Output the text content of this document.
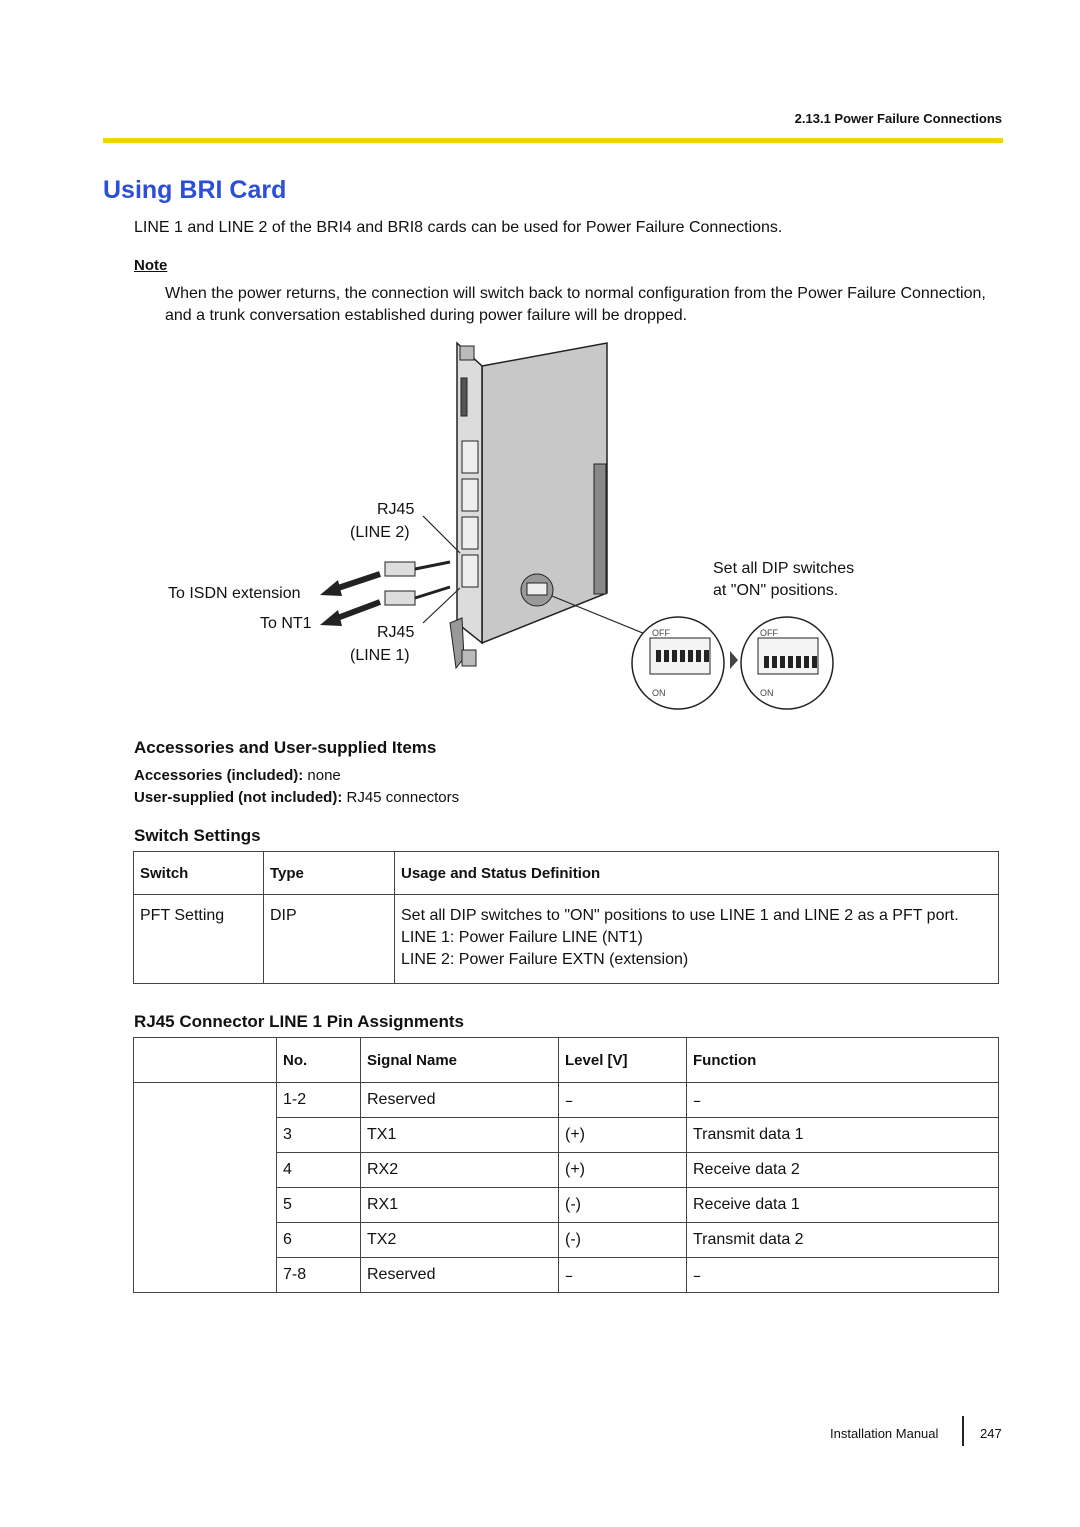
2.13.1 Power Failure Connections
Using BRI Card
LINE 1 and LINE 2 of the BRI4 and BRI8 cards can be used for Power Failure Connections.
Note
When the power returns, the connection will switch back to normal configuration from the Power Failure Connection, and a trunk conversation established during power failure will be dropped.
OFF
ON
OFF
ON
RJ45
(LINE 2)
To ISDN extension
To NT1
RJ45
(LINE 1)
Set all DIP switches
at "ON" positions.
Accessories and User-supplied Items
Accessories (included): none
User-supplied (not included): RJ45 connectors
Switch Settings
Switch	Type	Usage and Status Definition
PFT Setting	DIP	Set all DIP switches to "ON" positions to use LINE 1 and LINE 2 as a PFT port.
LINE 1: Power Failure LINE (NT1)
LINE 2: Power Failure EXTN (extension)
RJ45 Connector LINE 1 Pin Assignments
	No.	Signal Name	Level [V]	Function
	1-2	Reserved	–	–
	3	TX1	(+)	Transmit data 1
	4	RX2	(+)	Receive data 2
	5	RX1	(-)	Receive data 1
	6	TX2	(-)	Transmit data 2
	7-8	Reserved	–	–
Installation Manual	247
